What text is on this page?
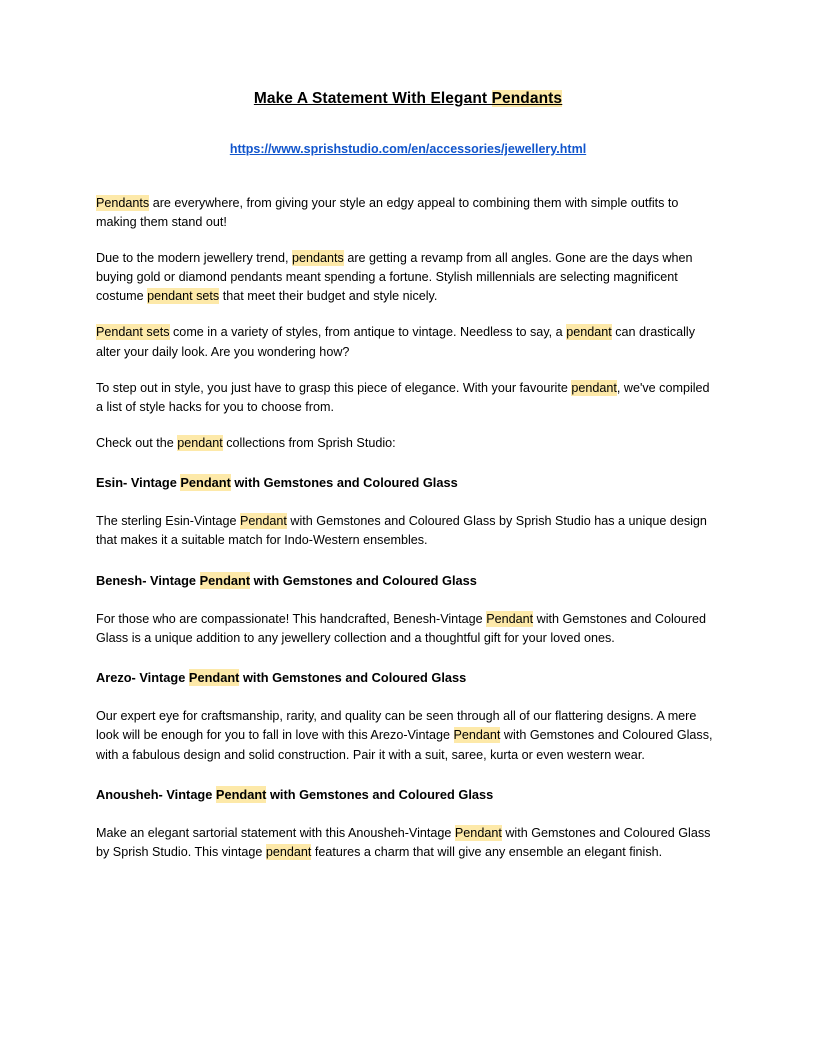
Make A Statement With Elegant Pendants
https://www.sprishstudio.com/en/accessories/jewellery.html

Pendants are everywhere, from giving your style an edgy appeal to combining them with simple outfits to making them stand out!

Due to the modern jewellery trend, pendants are getting a revamp from all angles. Gone are the days when buying gold or diamond pendants meant spending a fortune. Stylish millennials are selecting magnificent costume pendant sets that meet their budget and style nicely.

Pendant sets come in a variety of styles, from antique to vintage. Needless to say, a pendant can drastically alter your daily look. Are you wondering how?

To step out in style, you just have to grasp this piece of elegance. With your favourite pendant, we've compiled a list of style hacks for you to choose from.

Check out the pendant collections from Sprish Studio:

Esin- Vintage Pendant with Gemstones and Coloured Glass

The sterling Esin-Vintage Pendant with Gemstones and Coloured Glass by Sprish Studio has a unique design that makes it a suitable match for Indo-Western ensembles.

Benesh- Vintage Pendant with Gemstones and Coloured Glass

For those who are compassionate! This handcrafted, Benesh-Vintage Pendant with Gemstones and Coloured Glass is a unique addition to any jewellery collection and a thoughtful gift for your loved ones.

Arezo- Vintage Pendant with Gemstones and Coloured Glass

Our expert eye for craftsmanship, rarity, and quality can be seen through all of our flattering designs. A mere look will be enough for you to fall in love with this Arezo-Vintage Pendant with Gemstones and Coloured Glass, with a fabulous design and solid construction. Pair it with a suit, saree, kurta or even western wear.

Anousheh- Vintage Pendant with Gemstones and Coloured Glass

Make an elegant sartorial statement with this Anousheh-Vintage Pendant with Gemstones and Coloured Glass by Sprish Studio. This vintage pendant features a charm that will give any ensemble an elegant finish.
